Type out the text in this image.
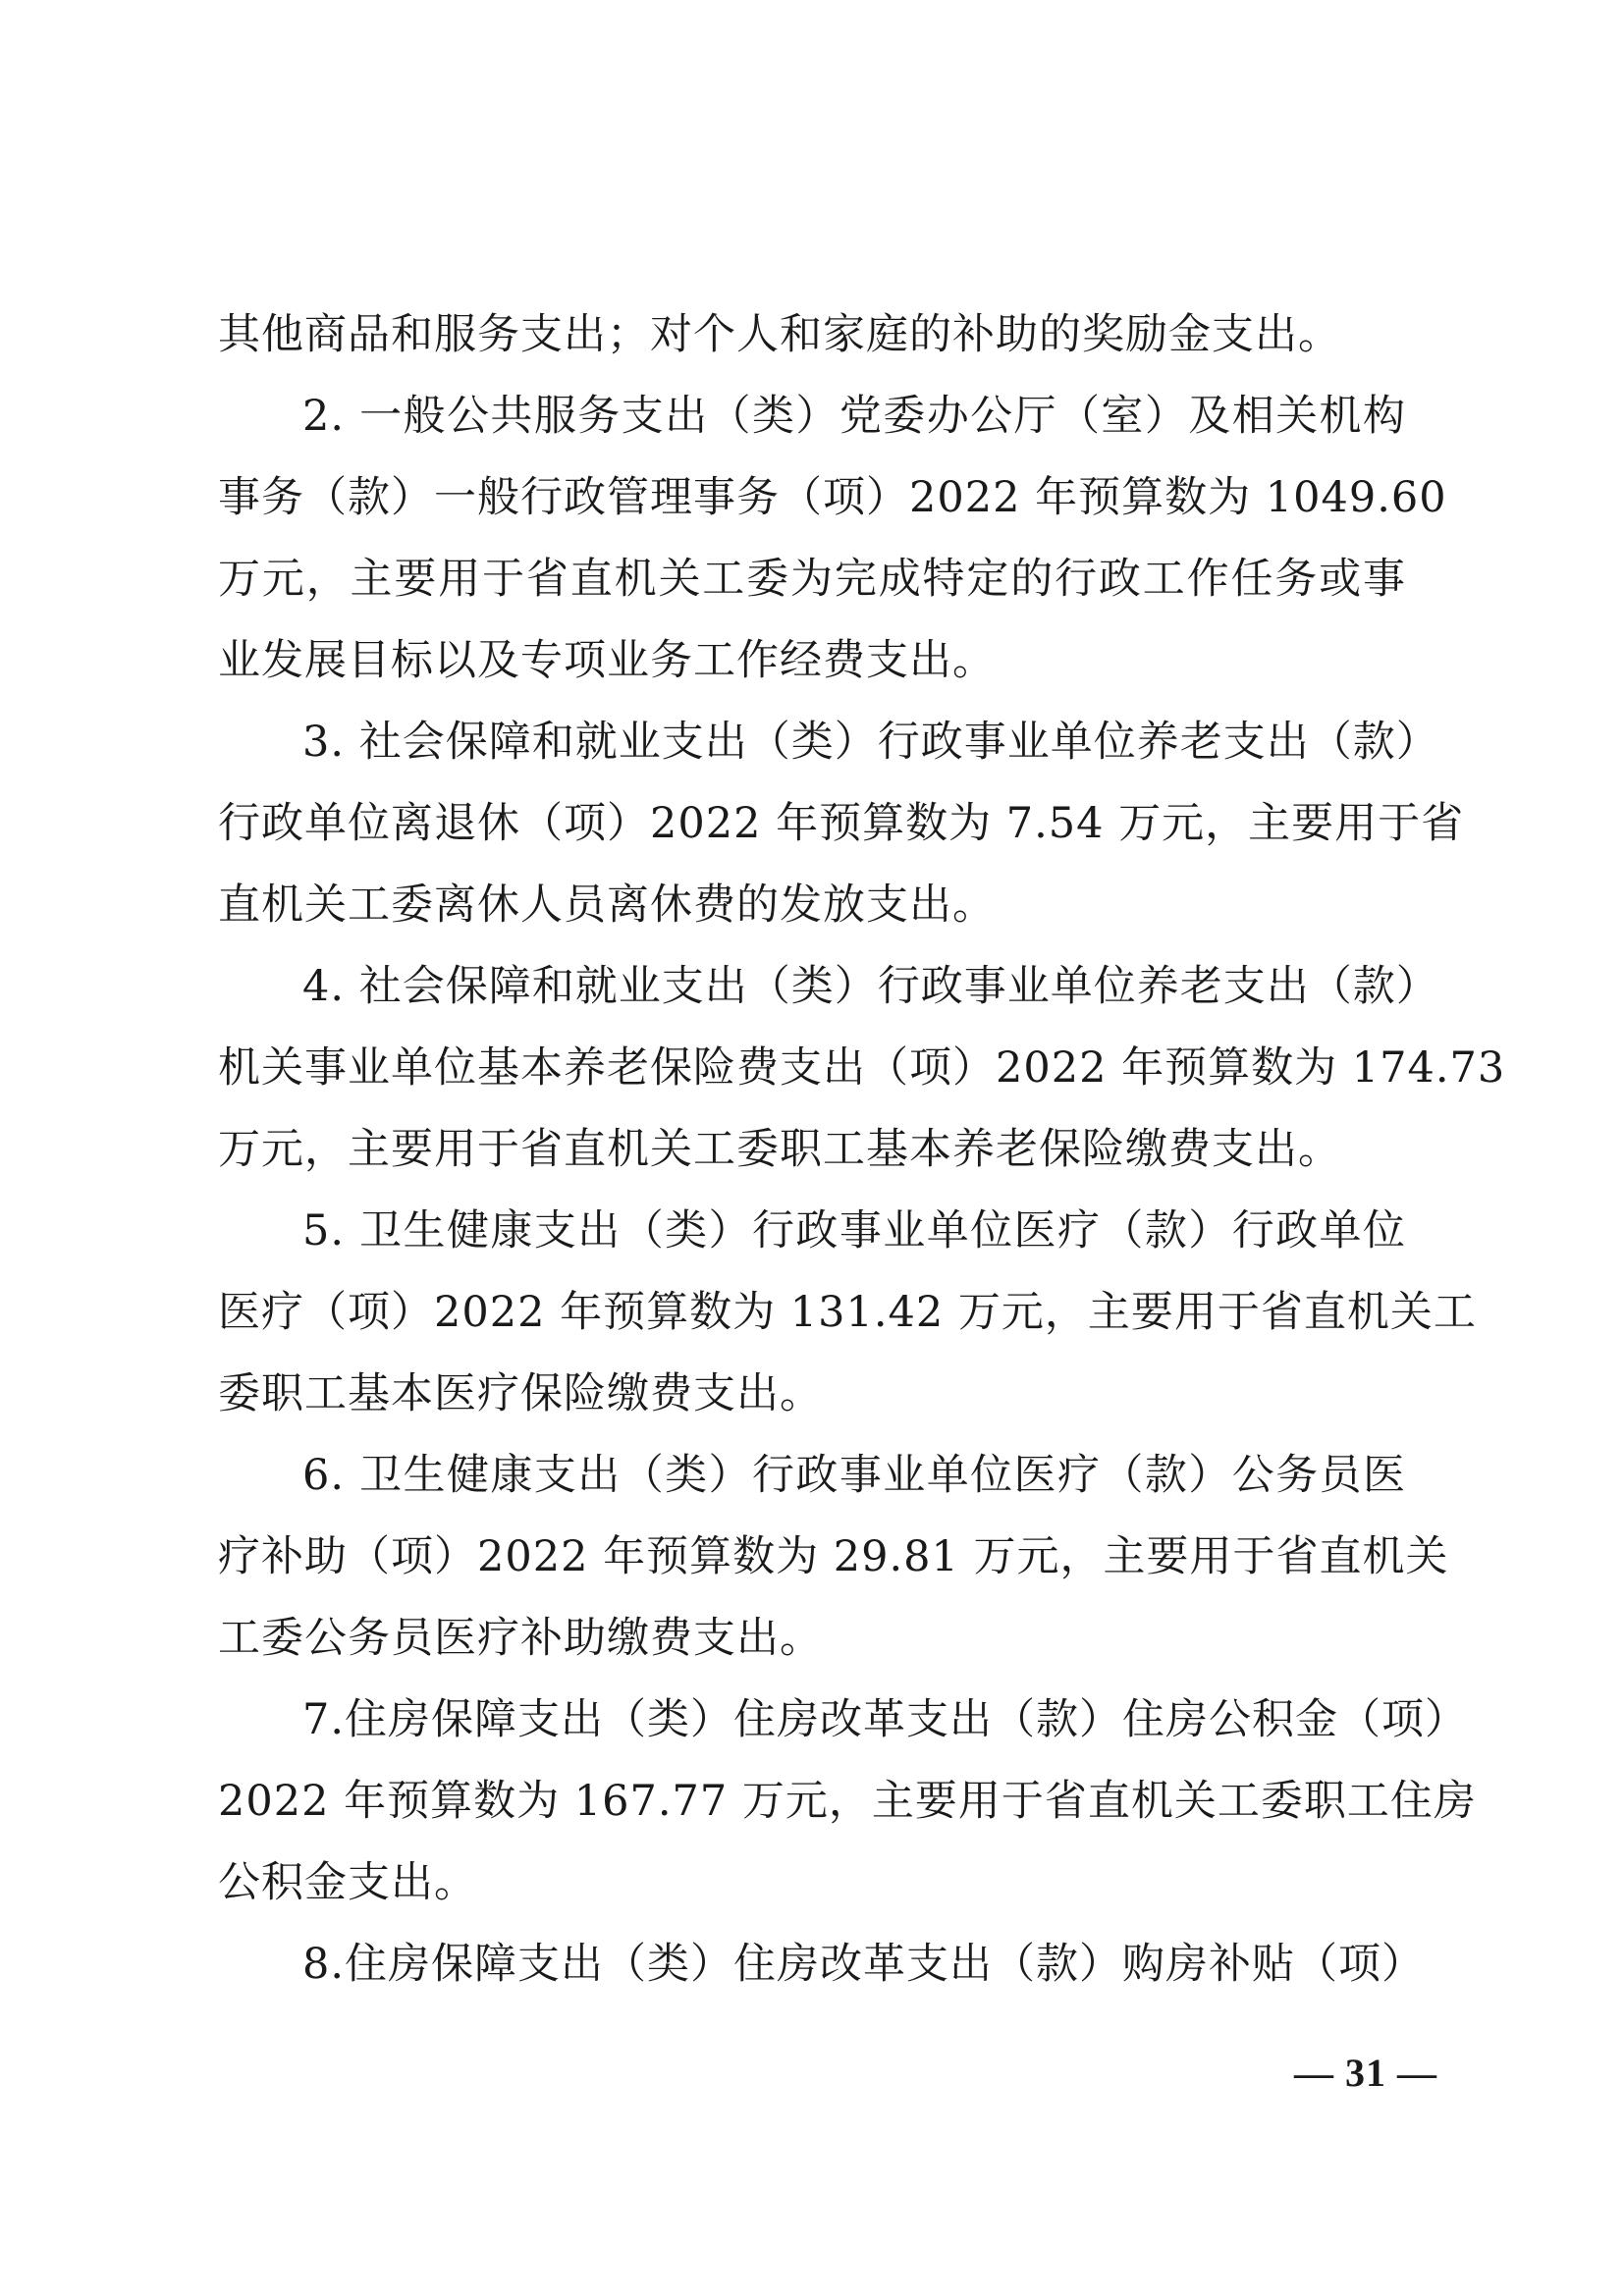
其他商品和服务支出；对个人和家庭的补助的奖励金支出。
2. 一般公共服务支出（类）党委办公厅（室）及相关机构
事务（款）一般行政管理事务（项）2022 年预算数为 1049.60
万元，主要用于省直机关工委为完成特定的行政工作任务或事
业发展目标以及专项业务工作经费支出。
3. 社会保障和就业支出（类）行政事业单位养老支出（款）
行政单位离退休（项）2022 年预算数为 7.54 万元，主要用于省
直机关工委离休人员离休费的发放支出。
4. 社会保障和就业支出（类）行政事业单位养老支出（款）
机关事业单位基本养老保险费支出（项）2022 年预算数为 174.73
万元，主要用于省直机关工委职工基本养老保险缴费支出。
5. 卫生健康支出（类）行政事业单位医疗（款）行政单位
医疗（项）2022 年预算数为 131.42 万元，主要用于省直机关工
委职工基本医疗保险缴费支出。
6. 卫生健康支出（类）行政事业单位医疗（款）公务员医
疗补助（项）2022 年预算数为 29.81 万元，主要用于省直机关
工委公务员医疗补助缴费支出。
7.住房保障支出（类）住房改革支出（款）住房公积金（项）
2022 年预算数为 167.77 万元，主要用于省直机关工委职工住房
公积金支出。
8.住房保障支出（类）住房改革支出（款）购房补贴（项）
— 31 —
